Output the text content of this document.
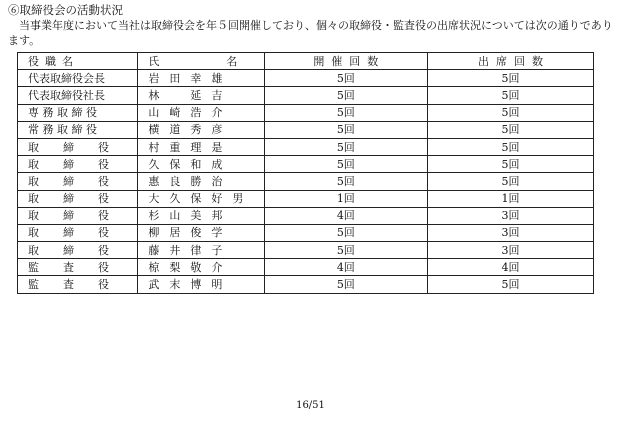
⑥取締役会の活動状況
当事業年度において当社は取締役会を年５回開催しており、個々の取締役・監査役の出席状況については次の通りであります。
役職名	氏 名	開催回数	出席回数
代表取締役会長	岩田幸雄	5回	5回
代表取締役社長	林　延吉	5回	5回
専務取締役	山崎浩介	5回	5回
常務取締役	横道秀彦	5回	5回
取締役	村重理是	5回	5回
取締役	久保和成	5回	5回
取締役	惠良勝治	5回	5回
取締役	大久保好男	1回	1回
取締役	杉山美邦	4回	3回
取締役	柳居俊学	5回	3回
取締役	藤井律子	5回	3回
監査役	椋梨敬介	4回	4回
監査役	武末博明	5回	5回
16/51
